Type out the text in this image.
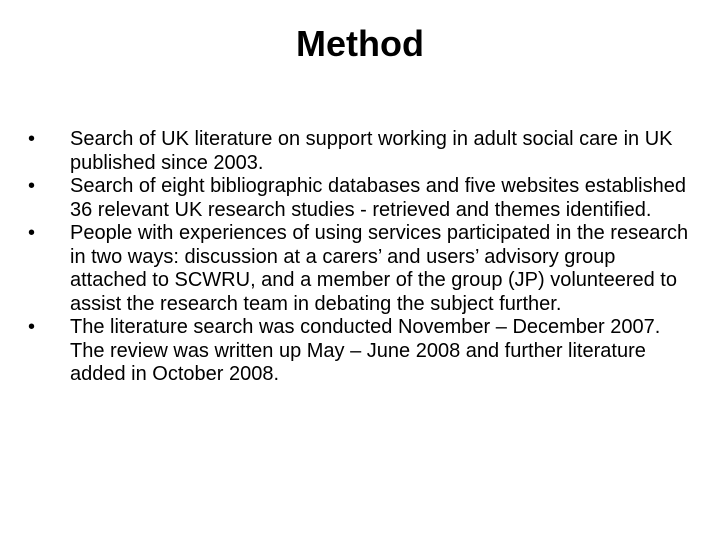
Method
•	Search of UK literature on support working in adult social care in UK published since 2003.
•	Search of eight bibliographic databases and five websites established 36 relevant UK research studies - retrieved and themes identified.
•	People with experiences of using services participated in the research in two ways: discussion at a carers’ and users’ advisory group attached to SCWRU, and a member of the group (JP) volunteered to assist the research team in debating the subject further.
•	The literature search was conducted November – December 2007. The review was written up May – June 2008 and further literature added in October 2008.
